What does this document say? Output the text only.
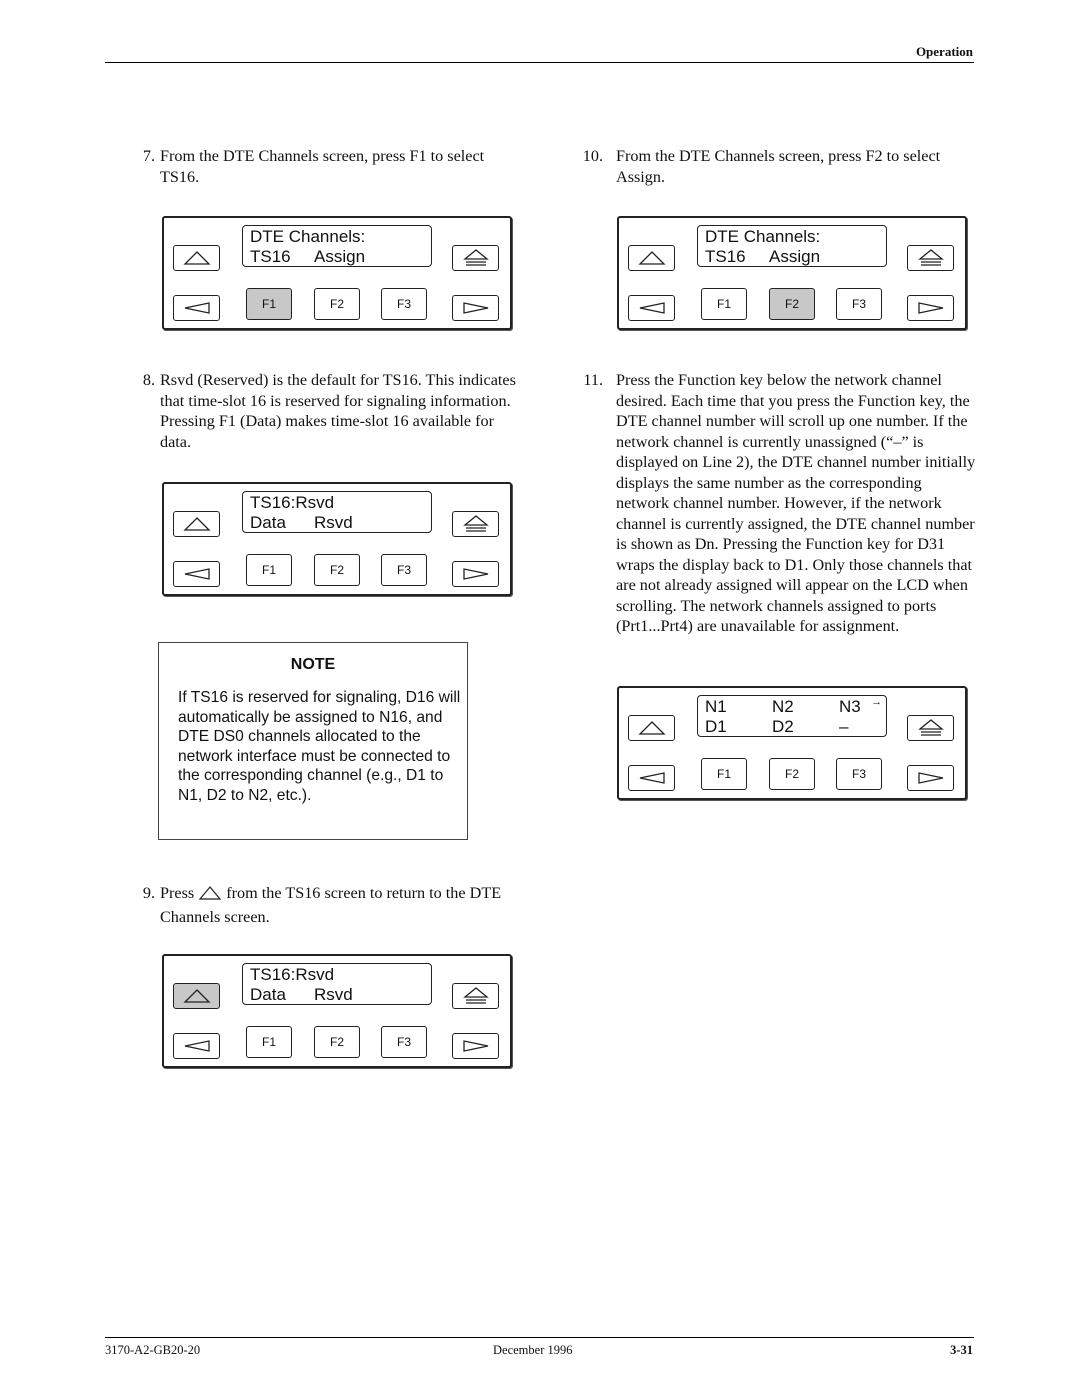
Operation
7. From the DTE Channels screen, press F1 to select TS16.
DTE Channels:
TS16	Assign
F1	F2	F3
8. Rsvd (Reserved) is the default for TS16. This indicates that time-slot 16 is reserved for signaling information. Pressing F1 (Data) makes time-slot 16 available for data.
TS16:Rsvd
Data	Rsvd
F1	F2	F3
NOTE
If TS16 is reserved for signaling, D16 will automatically be assigned to N16, and DTE DS0 channels allocated to the network interface must be connected to the corresponding channel (e.g., D1 to N1, D2 to N2, etc.).
9. Press from the TS16 screen to return to the DTE Channels screen.
TS16:Rsvd
Data	Rsvd
F1	F2	F3
10. From the DTE Channels screen, press F2 to select Assign.
DTE Channels:
TS16	Assign
F1	F2	F3
11. Press the Function key below the network channel desired. Each time that you press the Function key, the DTE channel number will scroll up one number. If the network channel is currently unassigned (“–” is displayed on Line 2), the DTE channel number initially displays the same number as the corresponding network channel number. However, if the network channel is currently assigned, the DTE channel number is shown as Dn. Pressing the Function key for D31 wraps the display back to D1. Only those channels that are not already assigned will appear on the LCD when scrolling. The network channels assigned to ports (Prt1...Prt4) are unavailable for assignment.
N1	N2	N3 →
D1	D2	–
F1	F2	F3
3170-A2-GB20-20	December 1996	3-31
